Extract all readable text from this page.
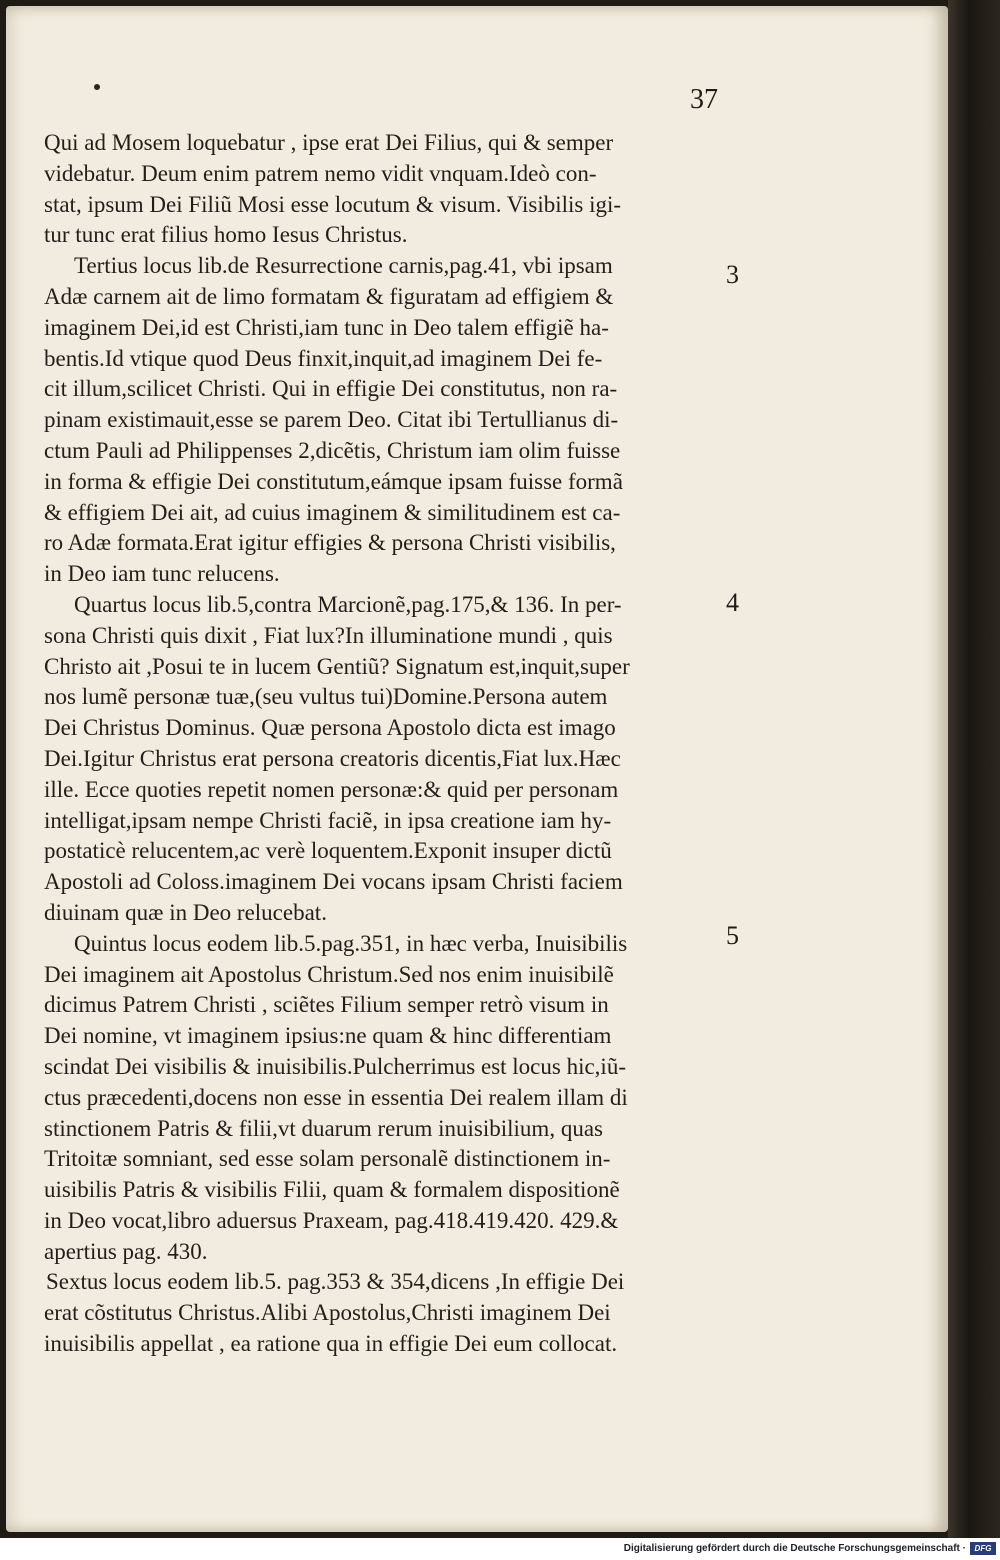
37
Qui ad Mosem loquebatur , ipse erat Dei Filius, qui & semper
videbatur. Deum enim patrem nemo vidit vnquam.Ideò con-
stat, ipsum Dei Filiũ Mosi esse locutum & visum. Visibilis igi-
tur tunc erat filius homo Iesus Christus.
Tertius locus lib.de Resurrectione carnis,pag.41, vbi ipsam
Adæ carnem ait de limo formatam & figuratam ad effigiem &
imaginem Dei,id est Christi,iam tunc in Deo talem effigiẽ ha-
bentis.Id vtique quod Deus finxit,inquit,ad imaginem Dei fe-
cit illum,scilicet Christi. Qui in effigie Dei constitutus, non ra-
pinam existimauit,esse se parem Deo. Citat ibi Tertullianus di-
ctum Pauli ad Philippenses 2,dicẽtis, Christum iam olim fuisse
in forma & effigie Dei constitutum,eámque ipsam fuisse formã
& effigiem Dei ait, ad cuius imaginem & similitudinem est ca-
ro Adæ formata.Erat igitur effigies & persona Christi visibilis,
in Deo iam tunc relucens.
Quartus locus lib.5,contra Marcionẽ,pag.175,& 136. In per-
sona Christi quis dixit , Fiat lux?In illuminatione mundi , quis
Christo ait ,Posui te in lucem Gentiũ? Signatum est,inquit,super
nos lumẽ personæ tuæ,(seu vultus tui)Domine.Persona autem
Dei Christus Dominus. Quæ persona Apostolo dicta est imago
Dei.Igitur Christus erat persona creatoris dicentis,Fiat lux.Hæc
ille. Ecce quoties repetit nomen personæ:& quid per personam
intelligat,ipsam nempe Christi faciẽ, in ipsa creatione iam hy-
postaticè relucentem,ac verè loquentem.Exponit insuper dictũ
Apostoli ad Coloss.imaginem Dei vocans ipsam Christi faciem
diuinam quæ in Deo relucebat.
Quintus locus eodem lib.5.pag.351, in hæc verba, Inuisibilis
Dei imaginem ait Apostolus Christum.Sed nos enim inuisibilẽ
dicimus Patrem Christi , sciẽtes Filium semper retrò visum in
Dei nomine, vt imaginem ipsius:ne quam & hinc differentiam
scindat Dei visibilis & inuisibilis.Pulcherrimus est locus hic,iũ-
ctus præcedenti,docens non esse in essentia Dei realem illam di
stinctionem Patris & filii,vt duarum rerum inuisibilium, quas
Tritoitæ somniant, sed esse solam personalẽ distinctionem in-
uisibilis Patris & visibilis Filii, quam & formalem dispositionẽ
in Deo vocat,libro aduersus Praxeam, pag.418.419.420. 429.&
apertius pag. 430.
Sextus locus eodem lib.5. pag.353 & 354,dicens ,In effigie Dei
erat cõstitutus Christus.Alibi Apostolus,Christi imaginem Dei
inuisibilis appellat , ea ratione qua in effigie Dei eum collocat.
3
4
5
Digitalisierung gefördert durch die Deutsche Forschungsgemeinschaft ·	DFG
